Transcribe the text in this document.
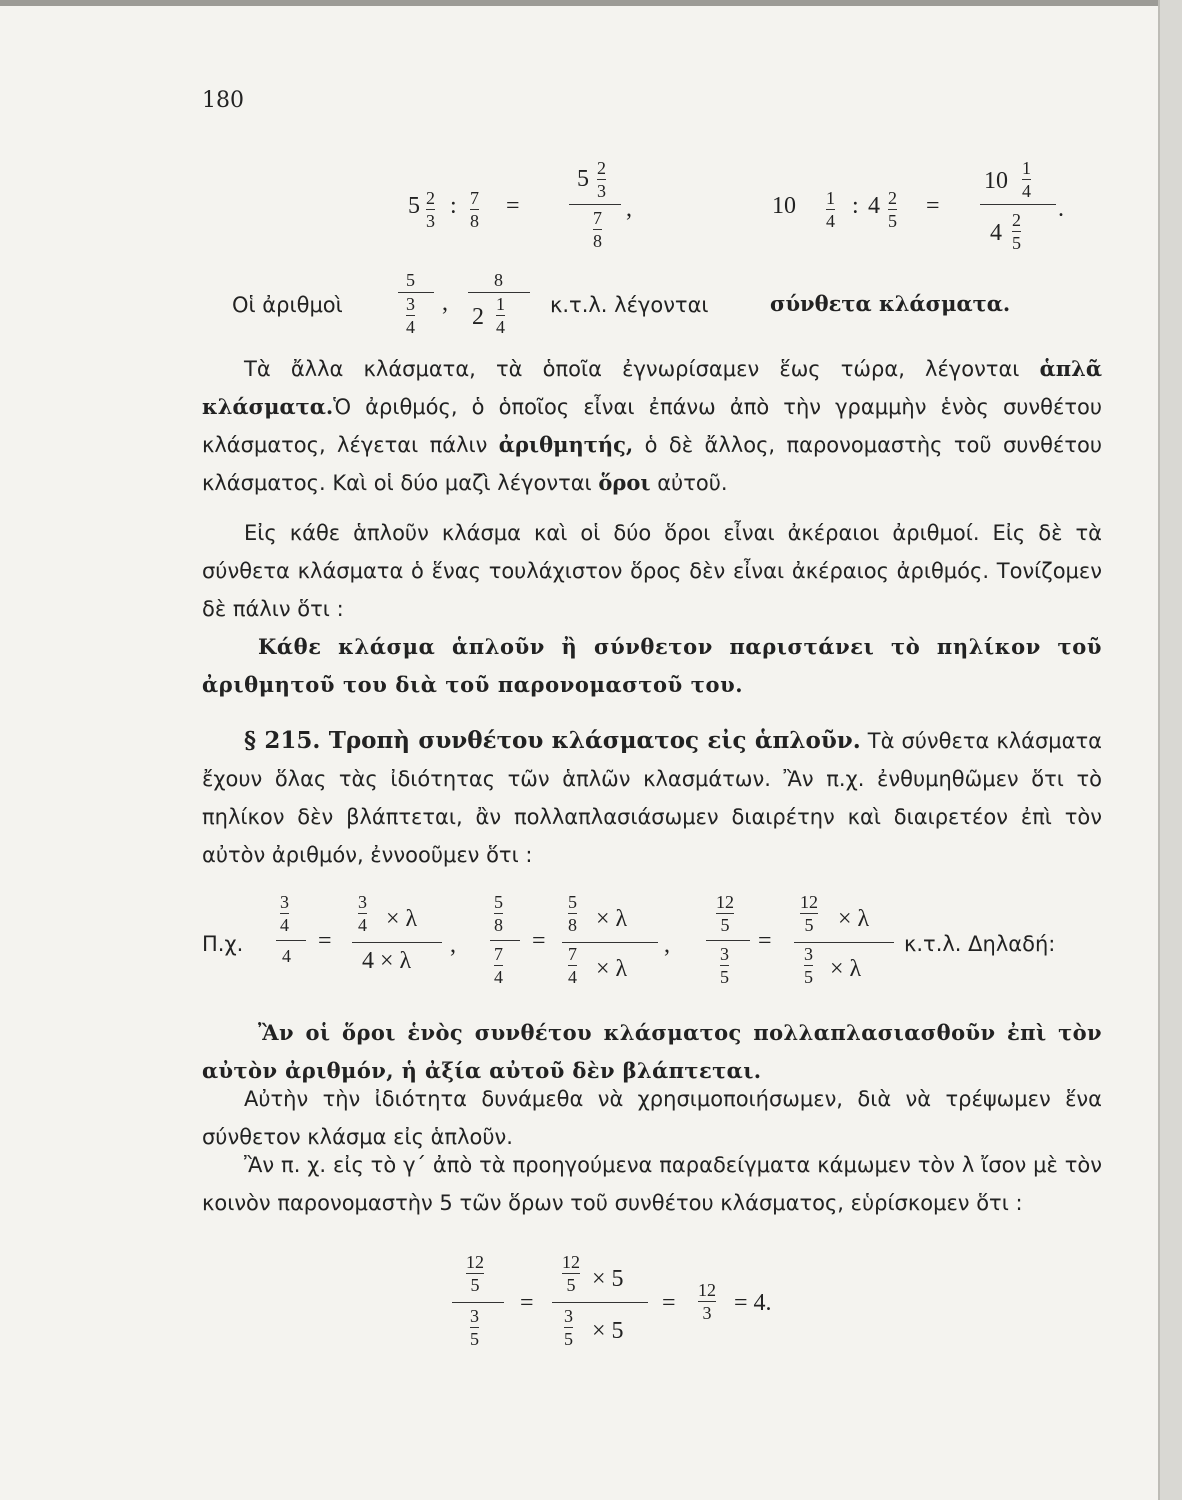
180
5 2
3
: 7
8
=
5 2
3
7
8
,	10 1
4
: 4 2
5
=
10 1
4
4 2
5
.
Οἱ ἀριθμοὶ
5
3
4
,
8
2 1
4
κ.τ.λ. λέγονται	σύνθετα κλάσματα.
Τὰ ἄλλα κλάσματα, τὰ ὁποῖα ἐγνωρίσαμεν ἕως τώρα, λέγονται ἁπλᾶ κλάσματα.Ὁ ἀριθμός, ὁ ὁποῖος εἶναι ἐπάνω ἀπὸ τὴν γραμμὴν ἑνὸς συνθέτου κλάσματος, λέγεται πάλιν ἀριθμητής, ὁ δὲ ἄλλος, παρονομαστὴς τοῦ συνθέτου κλάσματος. Καὶ οἱ δύο μαζὶ λέγονται ὅροι αὐτοῦ.
Εἰς κάθε ἁπλοῦν κλάσμα καὶ οἱ δύο ὅροι εἶναι ἀκέραιοι ἀριθμοί. Εἰς δὲ τὰ σύνθετα κλάσματα ὁ ἕνας τουλάχιστον ὅρος δὲν εἶναι ἀκέραιος ἀριθμός. Τονίζομεν δὲ πάλιν ὅτι :
Κάθε κλάσμα ἁπλοῦν ἢ σύνθετον παριστάνει τὸ πηλίκον τοῦ ἀριθμητοῦ του διὰ τοῦ παρονομαστοῦ του.
§ 215. Τροπὴ συνθέτου κλάσματος εἰς ἁπλοῦν. Τὰ σύνθετα κλάσματα ἔχουν ὅλας τὰς ἰδιότητας τῶν ἁπλῶν κλασμάτων. Ἂν π.χ. ἐνθυμηθῶμεν ὅτι τὸ πηλίκον δὲν βλάπτεται, ἂν πολλαπλασιάσωμεν διαιρέτην καὶ διαιρετέον ἐπὶ τὸν αὐτὸν ἀριθμόν, ἐννοοῦμεν ὅτι :
Π.χ.
3
4
4
=
3
4 × λ
4 × λ
,
5
8
7
4
=
5
8 × λ
7
4 × λ
,
12
5
3
5
=
12
5 × λ
3
5 × λ
κ.τ.λ. Δηλαδή:
Ἂν οἱ ὅροι ἑνὸς συνθέτου κλάσματος πολλαπλασιασθοῦν ἐπὶ τὸν αὐτὸν ἀριθμόν, ἡ ἀξία αὐτοῦ δὲν βλάπτεται.
Αὐτὴν τὴν ἰδιότητα δυνάμεθα νὰ χρησιμοποιήσωμεν, διὰ νὰ τρέψωμεν ἕνα σύνθετον κλάσμα εἰς ἁπλοῦν.
Ἂν π. χ. εἰς τὸ γ΄ ἀπὸ τὰ προηγούμενα παραδείγματα κάμωμεν τὸν λ ἴσον μὲ τὸν κοινὸν παρονομαστὴν 5 τῶν ὅρων τοῦ συνθέτου κλάσματος, εὑρίσκομεν ὅτι :
12
5
3
5
=
12
5 × 5
3
5 × 5
= 12
3 = 4.
